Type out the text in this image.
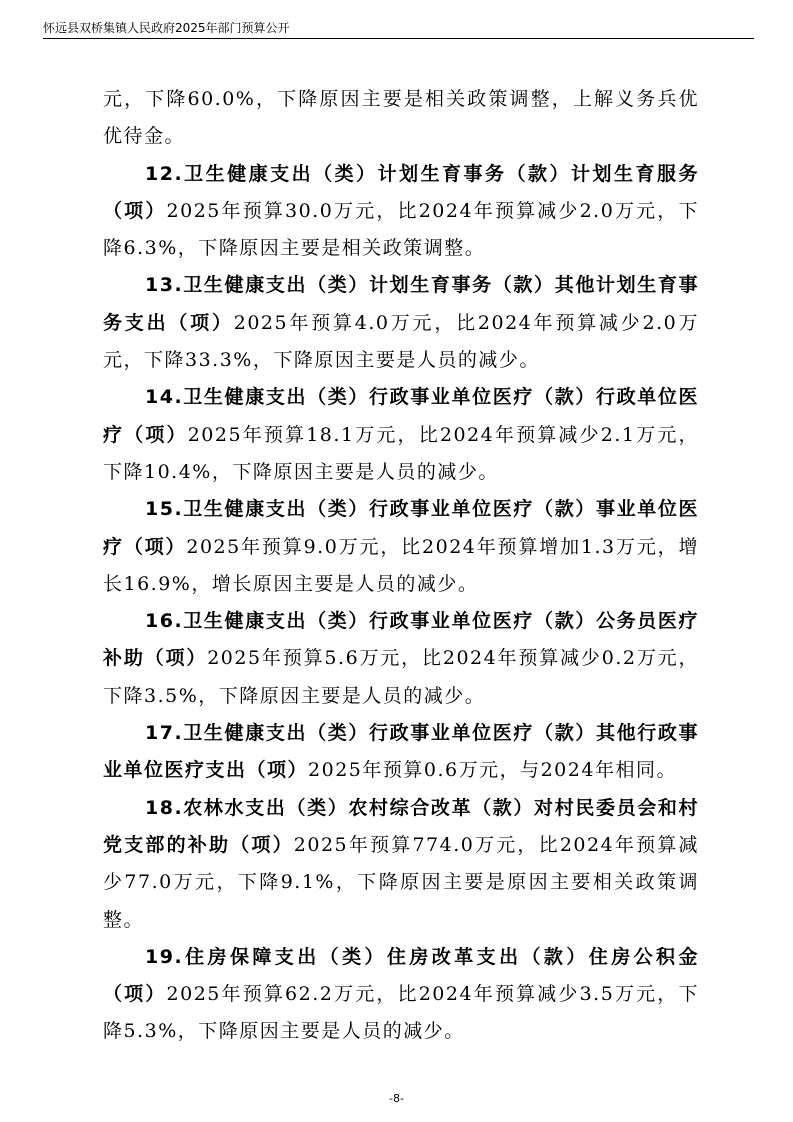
怀远县双桥集镇人民政府2025年部门预算公开

元，下降60.0%，下降原因主要是相关政策调整，上解义务兵优优待金。

12.卫生健康支出（类）计划生育事务（款）计划生育服务（项）2025年预算30.0万元，比2024年预算减少2.0万元，下降6.3%，下降原因主要是相关政策调整。

13.卫生健康支出（类）计划生育事务（款）其他计划生育事务支出（项）2025年预算4.0万元，比2024年预算减少2.0万元，下降33.3%，下降原因主要是人员的减少。

14.卫生健康支出（类）行政事业单位医疗（款）行政单位医疗（项）2025年预算18.1万元，比2024年预算减少2.1万元，下降10.4%，下降原因主要是人员的减少。

15.卫生健康支出（类）行政事业单位医疗（款）事业单位医疗（项）2025年预算9.0万元，比2024年预算增加1.3万元，增长16.9%，增长原因主要是人员的减少。

16.卫生健康支出（类）行政事业单位医疗（款）公务员医疗补助（项）2025年预算5.6万元，比2024年预算减少0.2万元，下降3.5%，下降原因主要是人员的减少。

17.卫生健康支出（类）行政事业单位医疗（款）其他行政事业单位医疗支出（项）2025年预算0.6万元，与2024年相同。

18.农林水支出（类）农村综合改革（款）对村民委员会和村党支部的补助（项）2025年预算774.0万元，比2024年预算减少77.0万元，下降9.1%，下降原因主要是原因主要相关政策调整。

19.住房保障支出（类）住房改革支出（款）住房公积金（项）2025年预算62.2万元，比2024年预算减少3.5万元，下降5.3%，下降原因主要是人员的减少。

-8-
